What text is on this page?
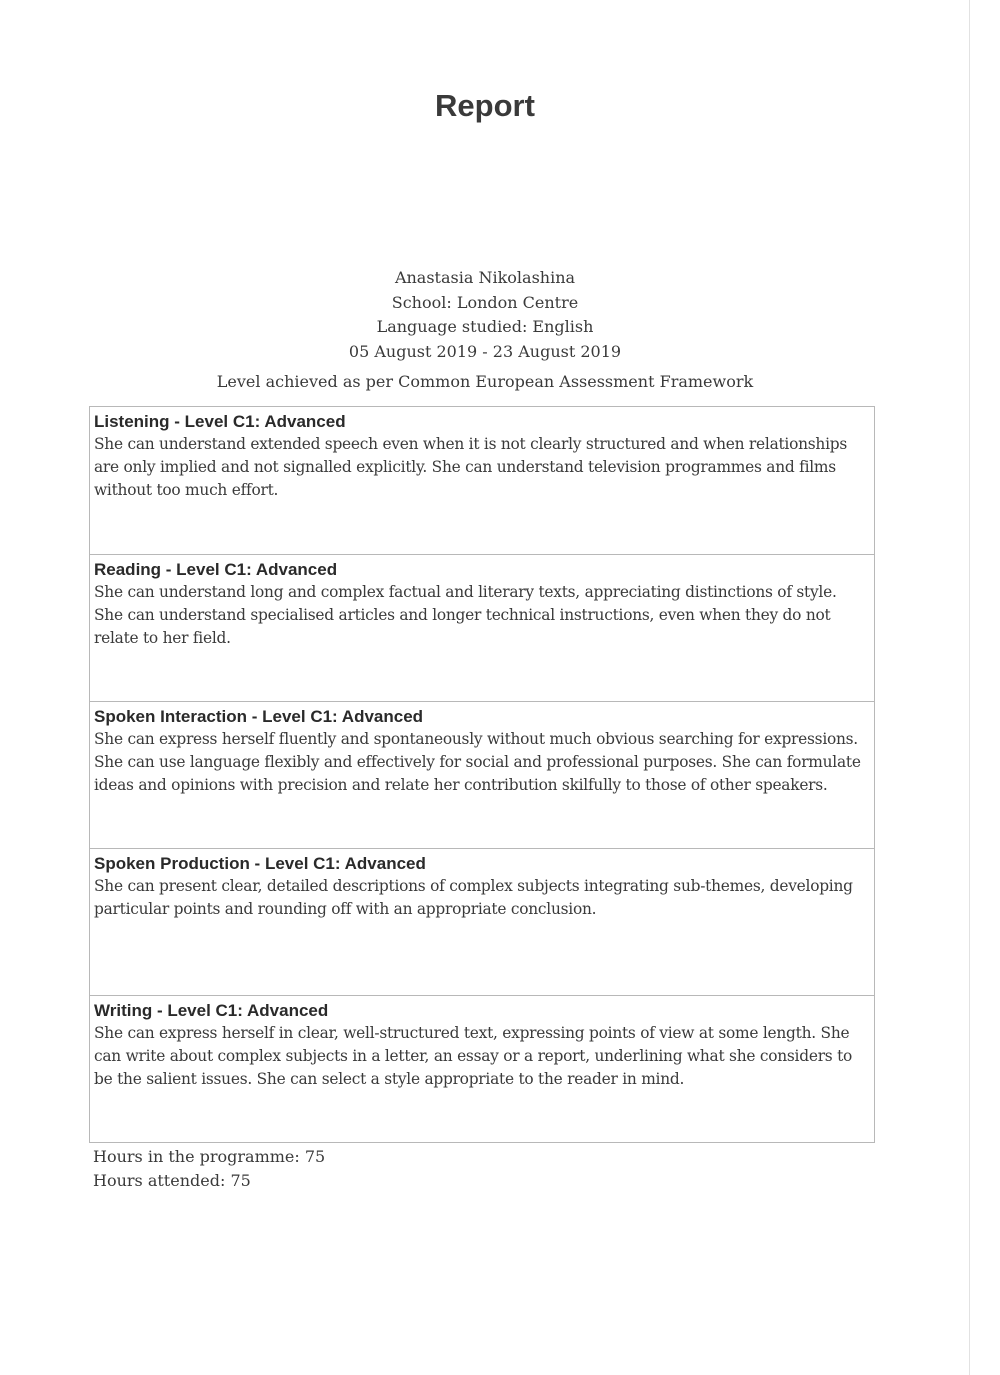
Report
Anastasia Nikolashina
School: London Centre
Language studied: English
05 August 2019 - 23 August 2019
Level achieved as per Common European Assessment Framework
Listening - Level C1: Advanced
She can understand extended speech even when it is not clearly structured and when relationships are only implied and not signalled explicitly. She can understand television programmes and films without too much effort.
Reading - Level C1: Advanced
She can understand long and complex factual and literary texts, appreciating distinctions of style. She can understand specialised articles and longer technical instructions, even when they do not relate to her field.
Spoken Interaction - Level C1: Advanced
She can express herself fluently and spontaneously without much obvious searching for expressions. She can use language flexibly and effectively for social and professional purposes. She can formulate ideas and opinions with precision and relate her contribution skilfully to those of other speakers.
Spoken Production - Level C1: Advanced
She can present clear, detailed descriptions of complex subjects integrating sub-themes, developing particular points and rounding off with an appropriate conclusion.
Writing - Level C1: Advanced
She can express herself in clear, well-structured text, expressing points of view at some length. She can write about complex subjects in a letter, an essay or a report, underlining what she considers to be the salient issues. She can select a style appropriate to the reader in mind.
Hours in the programme: 75
Hours attended: 75
